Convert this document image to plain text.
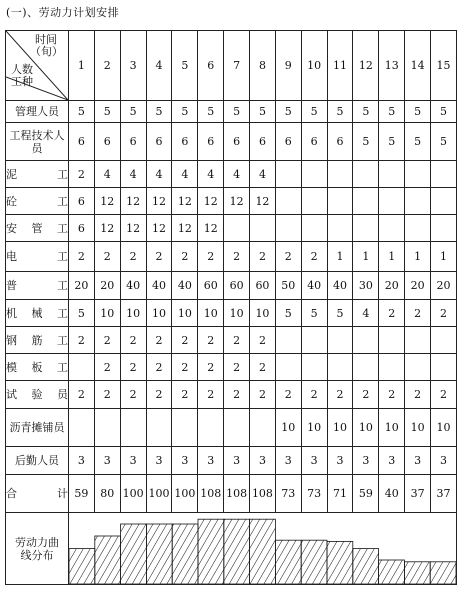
(一)、劳动力计划安排
时间
（旬）
人数
工种	1	2	3	4	5	6	7	8	9	10	11	12	13	14	15
管理人员	5	5	5	5	5	5	5	5	5	5	5	5	5	5	5
工程技术人员	6	6	6	6	6	6	6	6	6	6	6	5	5	5	5
泥　工	2	4	4	4	4	4	4	4							
砼　工	6	12	12	12	12	12	12	12							
安管工	6	12	12	12	12	12									
电　工	2	2	2	2	2	2	2	2	2	2	1	1	1	1	1
普　工	20	20	40	40	40	60	60	60	50	40	40	30	20	20	20
机械工	5	10	10	10	10	10	10	10	5	5	5	4	2	2	2
钢筋工	2	2	2	2	2	2	2	2							
模板工		2	2	2	2	2	2	2							
试验员	2	2	2	2	2	2	2	2	2	2	2	2	2	2	2
沥青摊铺员									10	10	10	10	10	10	10
后勤人员	3	3	3	3	3	3	3	3	3	3	3	3	3	3	3
合　计	59	80	100	100	100	108	108	108	73	73	71	59	40	37	37
劳动力曲线分布	
